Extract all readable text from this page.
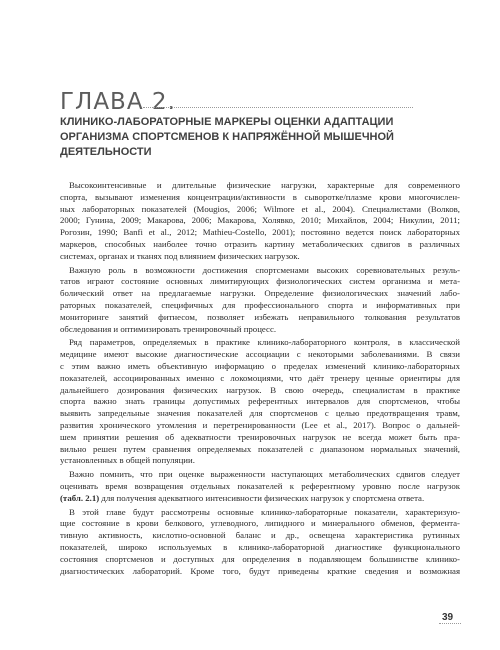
ГЛАВА 2.
КЛИНИКО-ЛАБОРАТОРНЫЕ МАРКЕРЫ ОЦЕНКИ АДАПТАЦИИ
ОРГАНИЗМА СПОРТСМЕНОВ К НАПРЯЖЁННОЙ МЫШЕЧНОЙ
ДЕЯТЕЛЬНОСТИ

Высокоинтенсивные и длительные физические нагрузки, характерные для современного
спорта, вызывают изменения концентрации/активности в сыворотке/плазме крови многочислен-
ных лабораторных показателей (Mougios, 2006; Wilmore et al., 2004). Специалистами (Волков,
2000; Гунина, 2009; Макарова, 2006; Макарова, Холявко, 2010; Михайлов, 2004; Никулин, 2011;
Рогозин, 1990; Banfi et al., 2012; Mathieu-Costello, 2001); постоянно ведется поиск лабораторных
маркеров, способных наиболее точно отразить картину метаболических сдвигов в различных
системах, органах и тканях под влиянием физических нагрузок.

Важную роль в возможности достижения спортсменами высоких соревновательных резуль-
татов играют состояние основных лимитирующих физиологических систем организма и мета-
болический ответ на предлагаемые нагрузки. Определение физиологических значений лабо-
раторных показателей, специфичных для профессионального спорта и информативных при
мониторинге занятий фитнесом, позволяет избежать неправильного толкования результатов
обследования и оптимизировать тренировочный процесс.

Ряд параметров, определяемых в практике клинико-лабораторного контроля, в классической
медицине имеют высокие диагностические ассоциации с некоторыми заболеваниями. В связи
с этим важно иметь объективную информацию о пределах изменений клинико-лабораторных
показателей, ассоциированных именно с локомоциями, что даёт тренеру ценные ориентиры для
дальнейшего дозирования физических нагрузок. В свою очередь, специалистам в практике
спорта важно знать границы допустимых референтных интервалов для спортсменов, чтобы
выявить запредельные значения показателей для спортсменов с целью предотвращения травм,
развития хронического утомления и перетренированности (Lee et al., 2017). Вопрос о дальней-
шем принятии решения об адекватности тренировочных нагрузок не всегда может быть пра-
вильно решен путем сравнения определяемых показателей с диапазоном нормальных значений,
установленных в общей популяции.

Важно помнить, что при оценке выраженности наступающих метаболических сдвигов следует
оценивать время возвращения отдельных показателей к референтному уровню после нагрузок
(табл. 2.1) для получения адекватного интенсивности физических нагрузок у спортсмена ответа.

В этой главе будут рассмотрены основные клинико-лабораторные показатели, характеризую-
щие состояние в крови белкового, углеводного, липидного и минерального обменов, фермента-
тивную активность, кислотно-основной баланс и др., освещена характеристика рутинных
показателей, широко используемых в клинико-лабораторной диагностике функционального
состояния спортсменов и доступных для определения в подавляющем большинстве клинико-
диагностических лабораторий. Кроме того, будут приведены краткие сведения и возможная

39
